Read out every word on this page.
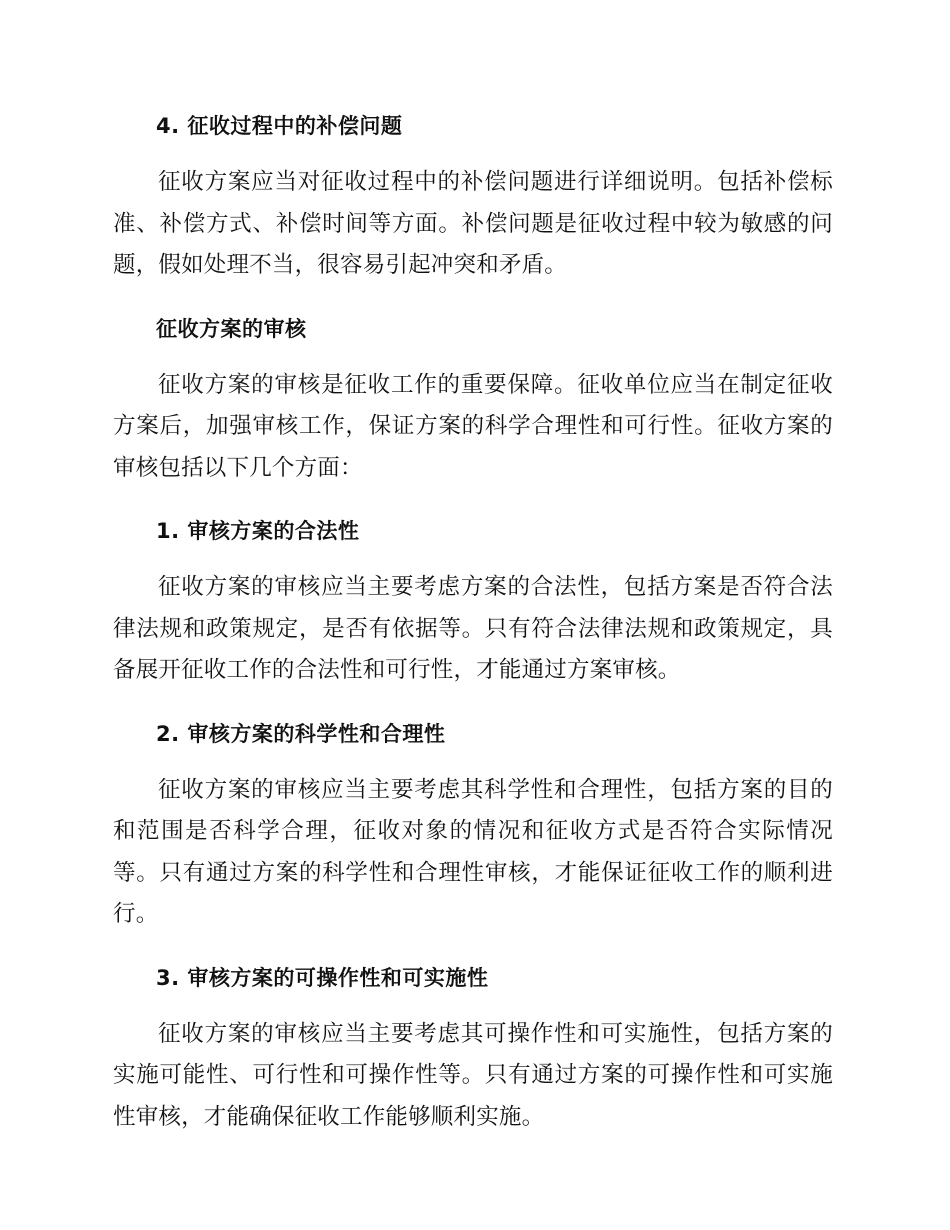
4. 征收过程中的补偿问题

征收方案应当对征收过程中的补偿问题进行详细说明。包括补偿标准、补偿方式、补偿时间等方面。补偿问题是征收过程中较为敏感的问题，假如处理不当，很容易引起冲突和矛盾。

征收方案的审核

征收方案的审核是征收工作的重要保障。征收单位应当在制定征收方案后，加强审核工作，保证方案的科学合理性和可行性。征收方案的审核包括以下几个方面：

1. 审核方案的合法性

征收方案的审核应当主要考虑方案的合法性，包括方案是否符合法律法规和政策规定，是否有依据等。只有符合法律法规和政策规定，具备展开征收工作的合法性和可行性，才能通过方案审核。

2. 审核方案的科学性和合理性

征收方案的审核应当主要考虑其科学性和合理性，包括方案的目的和范围是否科学合理，征收对象的情况和征收方式是否符合实际情况等。只有通过方案的科学性和合理性审核，才能保证征收工作的顺利进行。

3. 审核方案的可操作性和可实施性

征收方案的审核应当主要考虑其可操作性和可实施性，包括方案的实施可能性、可行性和可操作性等。只有通过方案的可操作性和可实施性审核，才能确保征收工作能够顺利实施。
